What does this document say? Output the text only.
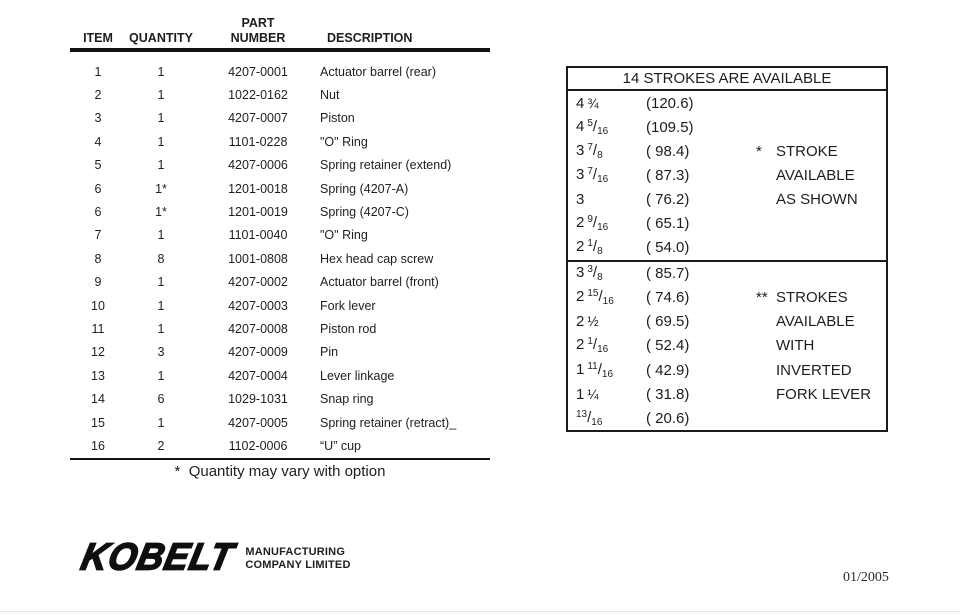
PART
ITEM	QUANTITY	NUMBER	DESCRIPTION
1	1	4207-0001	Actuator barrel (rear)
2	1	1022-0162	Nut
3	1	4207-0007	Piston
4	1	1101-0228	"O" Ring
5	1	4207-0006	Spring retainer (extend)
6	1*	1201-0018	Spring (4207-A)
6	1*	1201-0019	Spring (4207-C)
7	1	1101-0040	"O" Ring
8	8	1001-0808	Hex head cap screw
9	1	4207-0002	Actuator barrel (front)
10	1	4207-0003	Fork lever
11	1	4207-0008	Piston rod
12	3	4207-0009	Pin
13	1	4207-0004	Lever linkage
14	6	1029-1031	Snap ring
15	1	4207-0005	Spring retainer (retract)_
16	2	1102-0006	“U” cup
*  Quantity may vary with option
14 STROKES ARE AVAILABLE
4 ¾	(120.6)
4 $^5/_{16}$	(109.5)
3 $^7/_8$	( 98.4)	* STROKE
3 $^7/_{16}$	( 87.3)	AVAILABLE
3	( 76.2)	AS SHOWN
2 $^9/_{16}$	( 65.1)
2 $^1/_8$	( 54.0)
3 $^3/_8$	( 85.7)
2 $^{15}/_{16}$	( 74.6)	** STROKES
2 ½	( 69.5)	AVAILABLE
2 $^1/_{16}$	( 52.4)	WITH
1 $^{11}/_{16}$	( 42.9)	INVERTED
1 ¼	( 31.8)	FORK LEVER
$^{13}/_{16}$	( 20.6)
KOBELT MANUFACTURING
COMPANY LIMITED
01/2005
